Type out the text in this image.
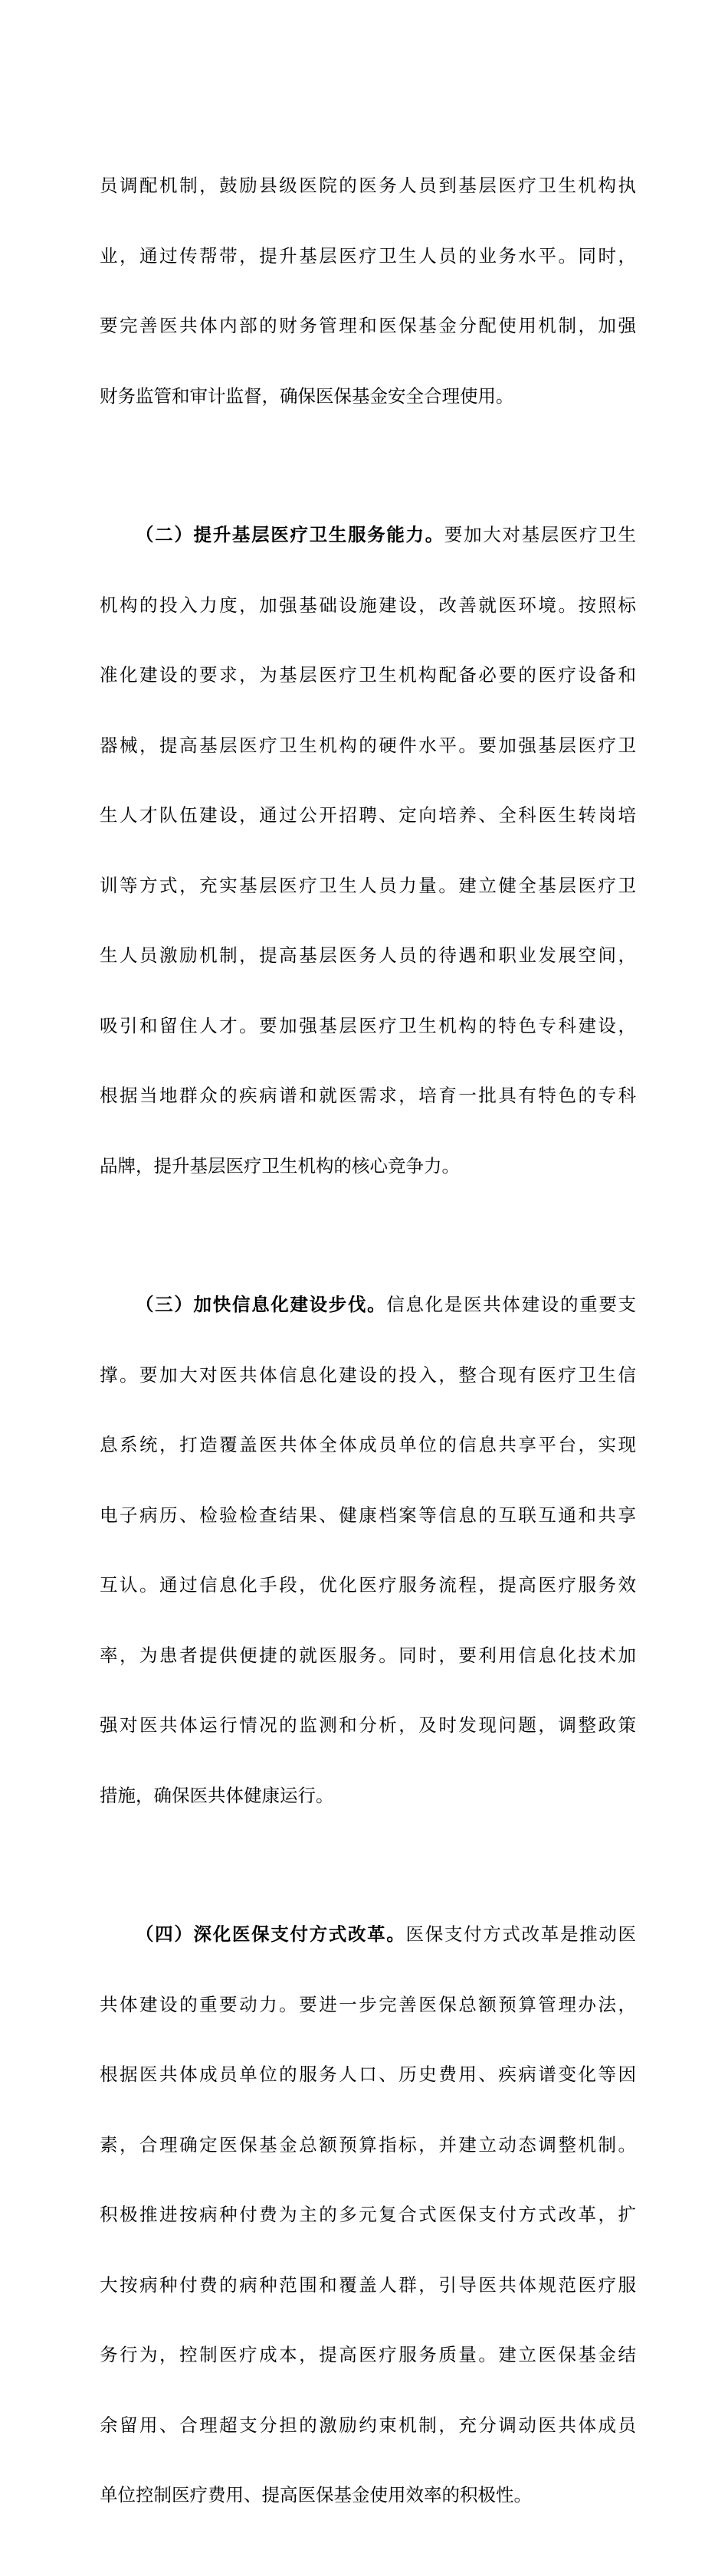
员调配机制，鼓励县级医院的医务人员到基层医疗卫生机构执

业，通过传帮带，提升基层医疗卫生人员的业务水平。同时，

要完善医共体内部的财务管理和医保基金分配使用机制，加强

财务监管和审计监督，确保医保基金安全合理使用。

（二）提升基层医疗卫生服务能力。要加大对基层医疗卫生

机构的投入力度，加强基础设施建设，改善就医环境。按照标

准化建设的要求，为基层医疗卫生机构配备必要的医疗设备和

器械，提高基层医疗卫生机构的硬件水平。要加强基层医疗卫

生人才队伍建设，通过公开招聘、定向培养、全科医生转岗培

训等方式，充实基层医疗卫生人员力量。建立健全基层医疗卫

生人员激励机制，提高基层医务人员的待遇和职业发展空间，

吸引和留住人才。要加强基层医疗卫生机构的特色专科建设，

根据当地群众的疾病谱和就医需求，培育一批具有特色的专科

品牌，提升基层医疗卫生机构的核心竞争力。

（三）加快信息化建设步伐。信息化是医共体建设的重要支

撑。要加大对医共体信息化建设的投入，整合现有医疗卫生信

息系统，打造覆盖医共体全体成员单位的信息共享平台，实现

电子病历、检验检查结果、健康档案等信息的互联互通和共享

互认。通过信息化手段，优化医疗服务流程，提高医疗服务效

率，为患者提供便捷的就医服务。同时，要利用信息化技术加

强对医共体运行情况的监测和分析，及时发现问题，调整政策

措施，确保医共体健康运行。

（四）深化医保支付方式改革。医保支付方式改革是推动医

共体建设的重要动力。要进一步完善医保总额预算管理办法，

根据医共体成员单位的服务人口、历史费用、疾病谱变化等因

素，合理确定医保基金总额预算指标，并建立动态调整机制。

积极推进按病种付费为主的多元复合式医保支付方式改革，扩

大按病种付费的病种范围和覆盖人群，引导医共体规范医疗服

务行为，控制医疗成本，提高医疗服务质量。建立医保基金结

余留用、合理超支分担的激励约束机制，充分调动医共体成员

单位控制医疗费用、提高医保基金使用效率的积极性。
